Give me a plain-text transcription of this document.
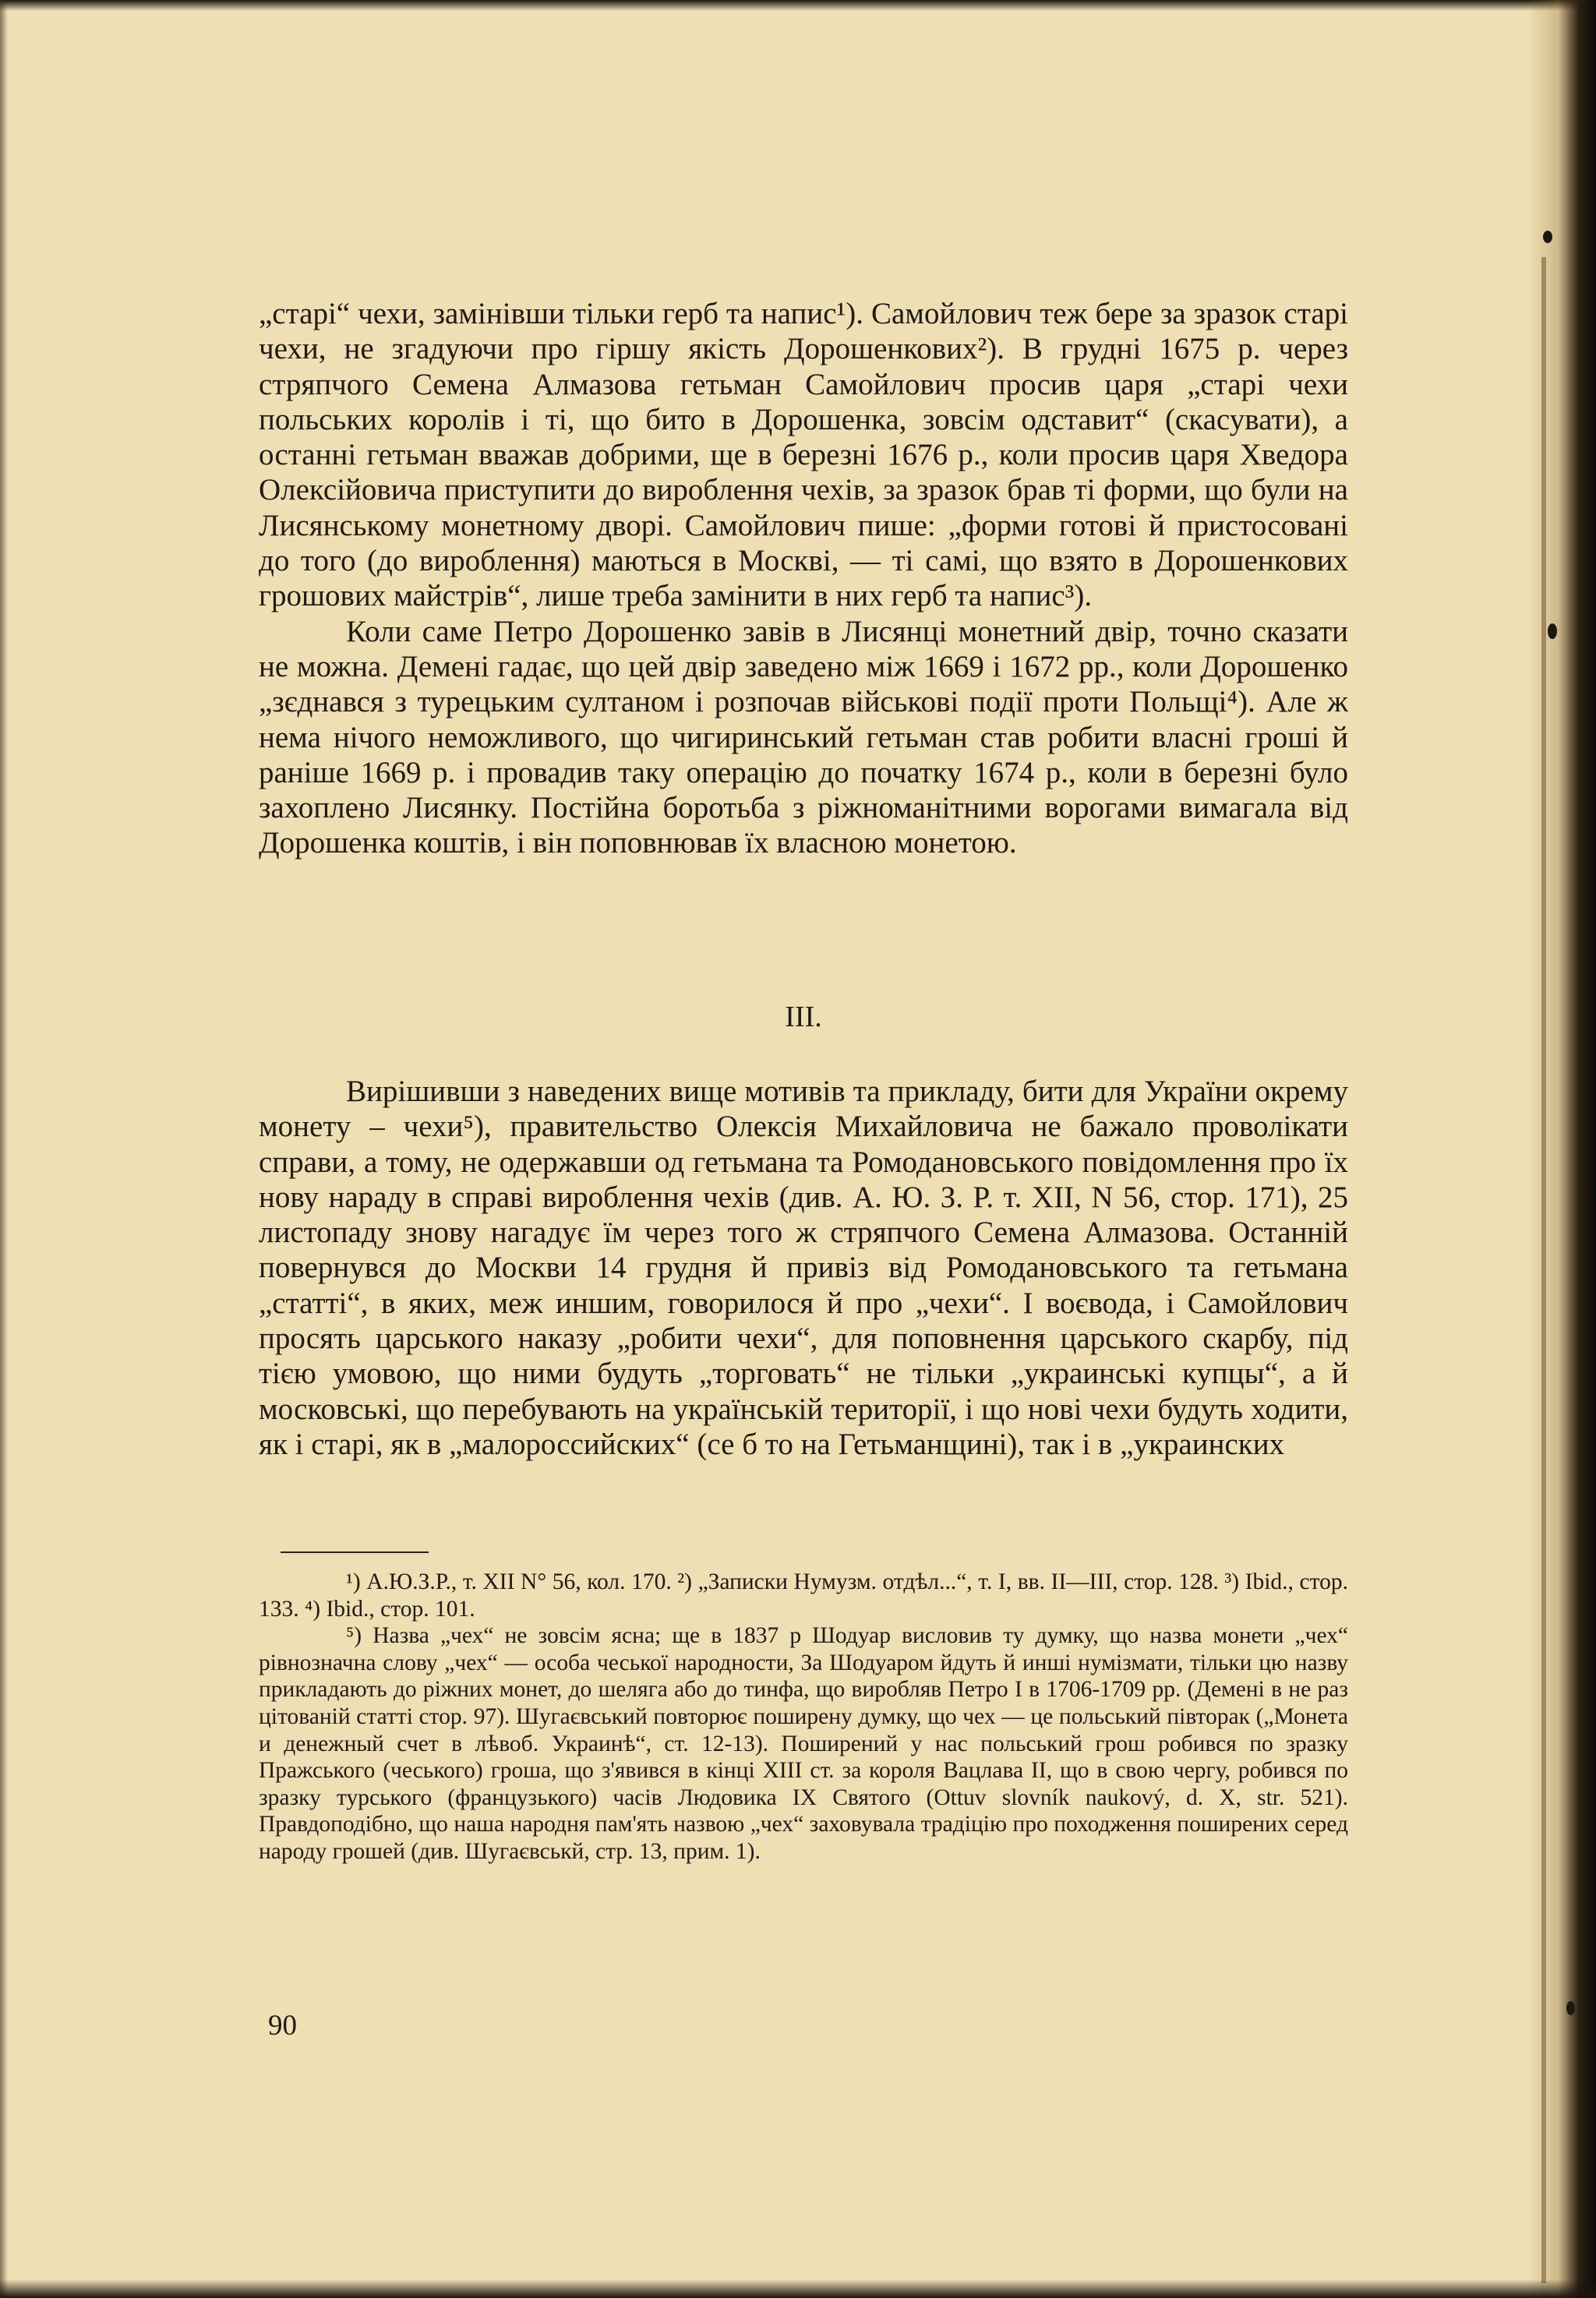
„старі“ чехи, замінівши тільки герб та напис¹). Самойлович теж бере за зразок старі чехи, не згадуючи про гіршу якість Дорошенкових²). В грудні 1675 р. через стряпчого Семена Алмазова гетьман Самойлович просив царя „старі чехи польських королів і ті, що бито в Дорошенка, зовсім одставит“ (скасувати), а останні гетьман вважав добрими, ще в березні 1676 р., коли просив царя Хведора Олексійовича приступити до вироблення чехів, за зразок брав ті форми, що були на Лисянському монетному дворі. Самойлович пише: „форми готові й пристосовані до того (до вироблення) маються в Москві, — ті самі, що взято в Дорошенкових грошових майстрів“, лише треба замінити в них герб та напис³).

Коли саме Петро Дорошенко завів в Лисянці монетний двір, точно сказати не можна. Демені гадає, що цей двір заведено між 1669 і 1672 рр., коли Дорошенко „зєднався з турецьким султаном і розпочав військові події проти Польщі⁴). Але ж нема нічого неможливого, що чигиринський гетьман став робити власні гроші й раніше 1669 р. і провадив таку операцію до початку 1674 р., коли в березні було захоплено Лисянку. Постійна боротьба з ріжноманітними ворогами вимагала від Дорошенка коштів, і він поповнював їх власною монетою.

III.

Вирішивши з наведених вище мотивів та прикладу, бити для України окрему монету – чехи⁵), правительство Олексія Михайловича не бажало проволікати справи, а тому, не одержавши од гетьмана та Ромодановського повідомлення про їх нову нараду в справі вироблення чехів (див. А. Ю. З. Р. т. XII, N 56, стор. 171), 25 листопаду знову нагадує їм через того ж стряпчого Семена Алмазова. Останній повернувся до Москви 14 грудня й привіз від Ромодановського та гетьмана „статті“, в яких, меж иншим, говорилося й про „чехи“. І воєвода, і Самойлович просять царського наказу „робити чехи“, для поповнення царського скарбу, під тією умовою, що ними будуть „торговать“ не тільки „украинські купцы“, а й московські, що перебувають на українській території, і що нові чехи будуть ходити, як і старі, як в „малороссийских“ (се б то на Гетьманщині), так і в „украинских

¹) А.Ю.З.Р., т. XII N° 56, кол. 170. ²) „Записки Нумузм. отдѣл...“, т. I, вв. II—III, стор. 128. ³) Ibid., стор. 133. ⁴) Ibid., стор. 101.

⁵) Назва „чех“ не зовсім ясна; ще в 1837 р Шодуар висловив ту думку, що назва монети „чех“ рівнозначна слову „чех“ — особа чеської народности, За Шодуаром йдуть й инші нумізмати, тільки цю назву прикладають до ріжних монет, до шеляга або до тинфа, що виробляв Петро I в 1706-1709 рр. (Демені в не раз цітованій статті стор. 97). Шугаєвський повторює поширену думку, що чех — це польський півторак („Монета и денежный счет в лѣвоб. Украинѣ“, ст. 12-13). Поширений у нас польський грош робився по зразку Пражського (чеського) гроша, що з'явився в кінці XIII ст. за короля Вацлава II, що в свою чергу, робився по зразку турського (французького) часів Людовика IX Святого (Ottuv slovník naukový, d. X, str. 521). Правдоподібно, що наша народня пам'ять назвою „чех“ заховувала традіцію про походження поширених серед народу грошей (див. Шугаєвськй, стр. 13, прим. 1).

90
